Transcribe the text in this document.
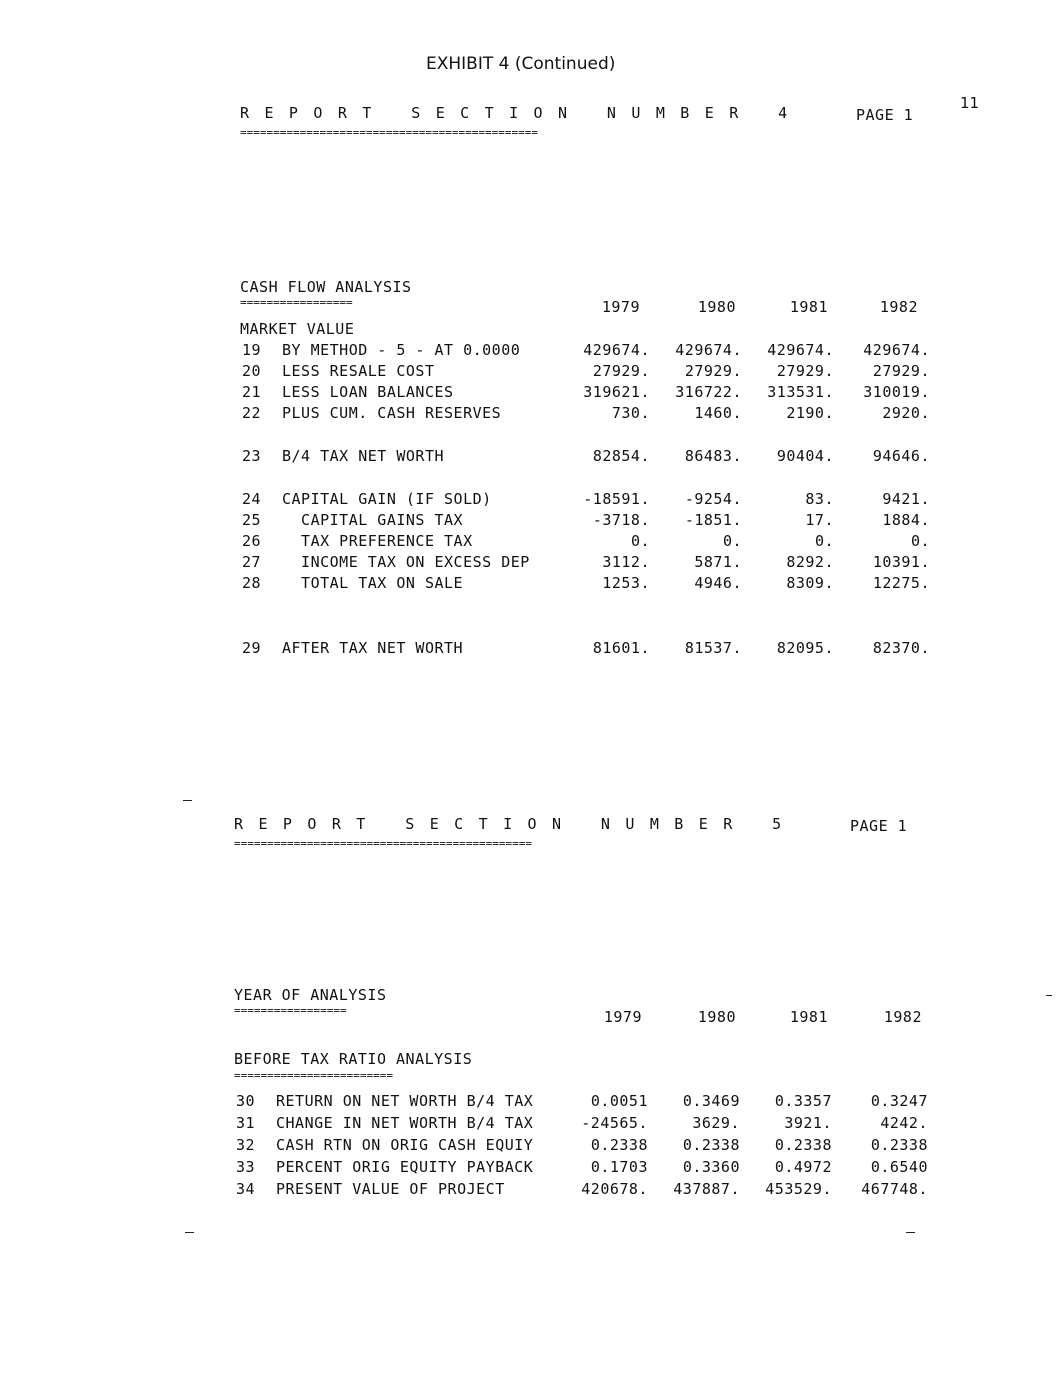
EXHIBIT 4 (Continued)
11
R E P O R T   S E C T I O N   N U M B E R   4	PAGE 1
=============================================
CASH FLOW ANALYSIS
=================	1979	1980	1981	1982
MARKET VALUE
19 BY METHOD - 5 - AT 0.0000	429674.	429674.	429674.	429674.
20 LESS RESALE COST	27929.	27929.	27929.	27929.
21 LESS LOAN BALANCES	319621.	316722.	313531.	310019.
22 PLUS CUM. CASH RESERVES	730.	1460.	2190.	2920.
23 B/4 TAX NET WORTH	82854.	86483.	90404.	94646.
24 CAPITAL GAIN (IF SOLD)	-18591.	-9254.	83.	9421.
25 CAPITAL GAINS TAX	-3718.	-1851.	17.	1884.
26 TAX PREFERENCE TAX	0.	0.	0.	0.
27 INCOME TAX ON EXCESS DEP	3112.	5871.	8292.	10391.
28 TOTAL TAX ON SALE	1253.	4946.	8309.	12275.
29 AFTER TAX NET WORTH	81601.	81537.	82095.	82370.
R E P O R T   S E C T I O N   N U M B E R   5	PAGE 1
=============================================
YEAR OF ANALYSIS
=================	1979	1980	1981	1982
BEFORE TAX RATIO ANALYSIS
========================
30 RETURN ON NET WORTH B/4 TAX	0.0051	0.3469	0.3357	0.3247
31 CHANGE IN NET WORTH B/4 TAX	-24565.	3629.	3921.	4242.
32 CASH RTN ON ORIG CASH EQUIY	0.2338	0.2338	0.2338	0.2338
33 PERCENT ORIG EQUITY PAYBACK	0.1703	0.3360	0.4972	0.6540
34 PRESENT VALUE OF PROJECT	420678.	437887.	453529.	467748.
